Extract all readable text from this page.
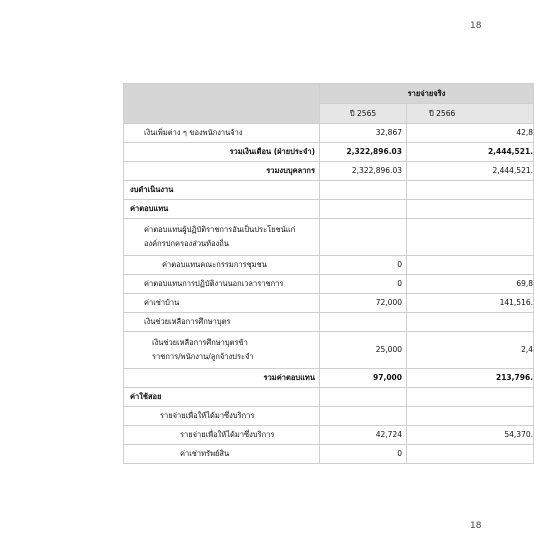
18
	รายจ่ายจริง	
	ปี 2565	ปี 2566
เงินเพิ่มต่าง ๆ ของพนักงานจ้าง	32,867	42,8
รวมเงินเดือน (ฝ่ายประจำ)	2,322,896.03	2,444,521.
รวมงบบุคลากร	2,322,896.03	2,444,521.
งบดำเนินงาน		
ค่าตอบแทน		

ค่าตอบแทนผู้ปฏิบัติราชการอันเป็นประโยชน์แก่
องค์กรปกครองส่วนท้องถิ่น		

ค่าตอบแทนคณะกรรมการชุมชน	0	
ค่าตอบแทนการปฏิบัติงานนอกเวลาราชการ	0	69,8
ค่าเช่าบ้าน	72,000	141,516.
เงินช่วยเหลือการศึกษาบุตร		

เงินช่วยเหลือการศึกษาบุตรข้า
ราชการ/พนักงาน/ลูกจ้างประจำ	25,000	2,4
รวมค่าตอบแทน	97,000	213,796.
ค่าใช้สอย		
รายจ่ายเพื่อให้ได้มาซึ่งบริการ		
รายจ่ายเพื่อให้ได้มาซึ่งบริการ	42,724	54,370.
ค่าเช่าทรัพย์สิน	0	
18
